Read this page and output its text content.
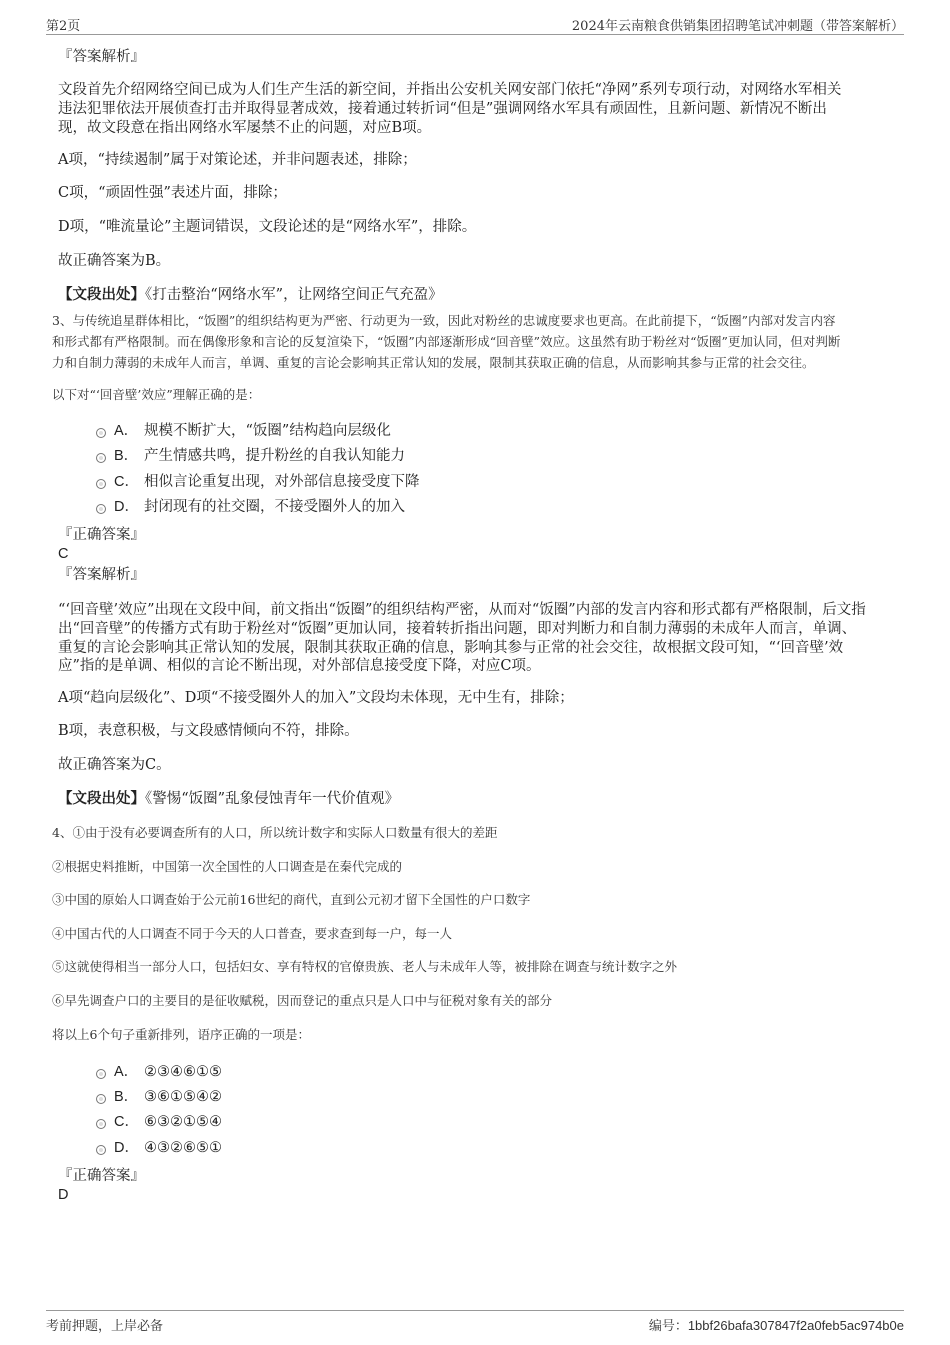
第2页	2024年云南粮食供销集团招聘笔试冲刺题（带答案解析）

『答案解析』

文段首先介绍网络空间已成为人们生产生活的新空间，并指出公安机关网安部门依托“净网”系列专项行动，对网络水军相关

违法犯罪依法开展侦查打击并取得显著成效，接着通过转折词“但是”强调网络水军具有顽固性，且新问题、新情况不断出

现，故文段意在指出网络水军屡禁不止的问题，对应B项。

A项，“持续遏制”属于对策论述，并非问题表述，排除；

C项，“顽固性强”表述片面，排除；

D项，“唯流量论”主题词错误，文段论述的是“网络水军”，排除。

故正确答案为B。

【文段出处】《打击整治“网络水军”，让网络空间正气充盈》

3、与传统追星群体相比，“饭圈”的组织结构更为严密、行动更为一致，因此对粉丝的忠诚度要求也更高。在此前提下，“饭圈”内部对发言内容

和形式都有严格限制。而在偶像形象和言论的反复渲染下，“饭圈”内部逐渐形成“回音壁”效应。这虽然有助于粉丝对“饭圈”更加认同，但对判断

力和自制力薄弱的未成年人而言，单调、重复的言论会影响其正常认知的发展，限制其获取正确的信息，从而影响其参与正常的社会交往。

以下对“‘回音壁’效应”理解正确的是：

A． 规模不断扩大，“饭圈”结构趋向层级化
B． 产生情感共鸣，提升粉丝的自我认知能力
C． 相似言论重复出现，对外部信息接受度下降
D． 封闭现有的社交圈，不接受圈外人的加入

『正确答案』

C

『答案解析』

“‘回音壁’效应”出现在文段中间，前文指出“饭圈”的组织结构严密，从而对“饭圈”内部的发言内容和形式都有严格限制，后文指

出“回音壁”的传播方式有助于粉丝对“饭圈”更加认同，接着转折指出问题，即对判断力和自制力薄弱的未成年人而言，单调、

重复的言论会影响其正常认知的发展，限制其获取正确的信息，影响其参与正常的社会交往，故根据文段可知，“‘回音壁’效

应”指的是单调、相似的言论不断出现，对外部信息接受度下降，对应C项。

A项“趋向层级化”、D项“不接受圈外人的加入”文段均未体现，无中生有，排除；

B项，表意积极，与文段感情倾向不符，排除。

故正确答案为C。

【文段出处】《警惕“饭圈”乱象侵蚀青年一代价值观》

4、①由于没有必要调查所有的人口，所以统计数字和实际人口数量有很大的差距

②根据史料推断，中国第一次全国性的人口调查是在秦代完成的

③中国的原始人口调查始于公元前16世纪的商代，直到公元初才留下全国性的户口数字

④中国古代的人口调查不同于今天的人口普查，要求查到每一户，每一人

⑤这就使得相当一部分人口，包括妇女、享有特权的官僚贵族、老人与未成年人等，被排除在调查与统计数字之外

⑥早先调查户口的主要目的是征收赋税，因而登记的重点只是人口中与征税对象有关的部分

将以上6个句子重新排列，语序正确的一项是：

A． ②③④⑥①⑤
B． ③⑥①⑤④②
C． ⑥③②①⑤④
D． ④③②⑥⑤①

『正确答案』

D

考前押题，上岸必备	编号：1bbf26bafa307847f2a0feb5ac974b0e
